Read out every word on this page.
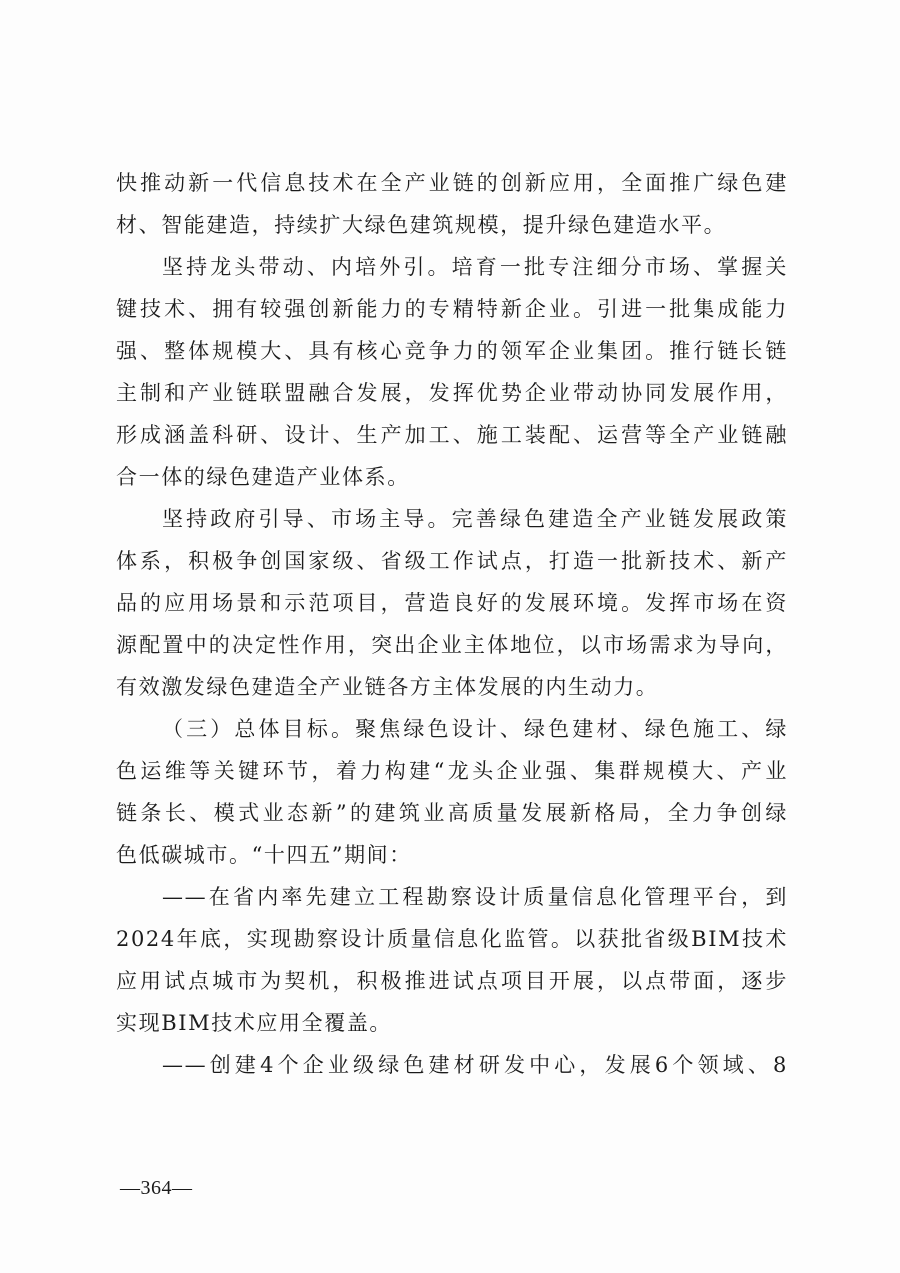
快推动新一代信息技术在全产业链的创新应用，全面推广绿色建
材、智能建造，持续扩大绿色建筑规模，提升绿色建造水平。
坚持龙头带动、内培外引。培育一批专注细分市场、掌握关
键技术、拥有较强创新能力的专精特新企业。引进一批集成能力
强、整体规模大、具有核心竞争力的领军企业集团。推行链长链
主制和产业链联盟融合发展，发挥优势企业带动协同发展作用，
形成涵盖科研、设计、生产加工、施工装配、运营等全产业链融
合一体的绿色建造产业体系。
坚持政府引导、市场主导。完善绿色建造全产业链发展政策
体系，积极争创国家级、省级工作试点，打造一批新技术、新产
品的应用场景和示范项目，营造良好的发展环境。发挥市场在资
源配置中的决定性作用，突出企业主体地位，以市场需求为导向，
有效激发绿色建造全产业链各方主体发展的内生动力。
（三）总体目标。聚焦绿色设计、绿色建材、绿色施工、绿
色运维等关键环节，着力构建“龙头企业强、集群规模大、产业
链条长、模式业态新”的建筑业高质量发展新格局，全力争创绿
色低碳城市。“十四五”期间：
——在省内率先建立工程勘察设计质量信息化管理平台，到
2024年底，实现勘察设计质量信息化监管。以获批省级BIM技术
应用试点城市为契机，积极推进试点项目开展，以点带面，逐步
实现BIM技术应用全覆盖。
——创建4个企业级绿色建材研发中心，发展6个领域、8
—364—
